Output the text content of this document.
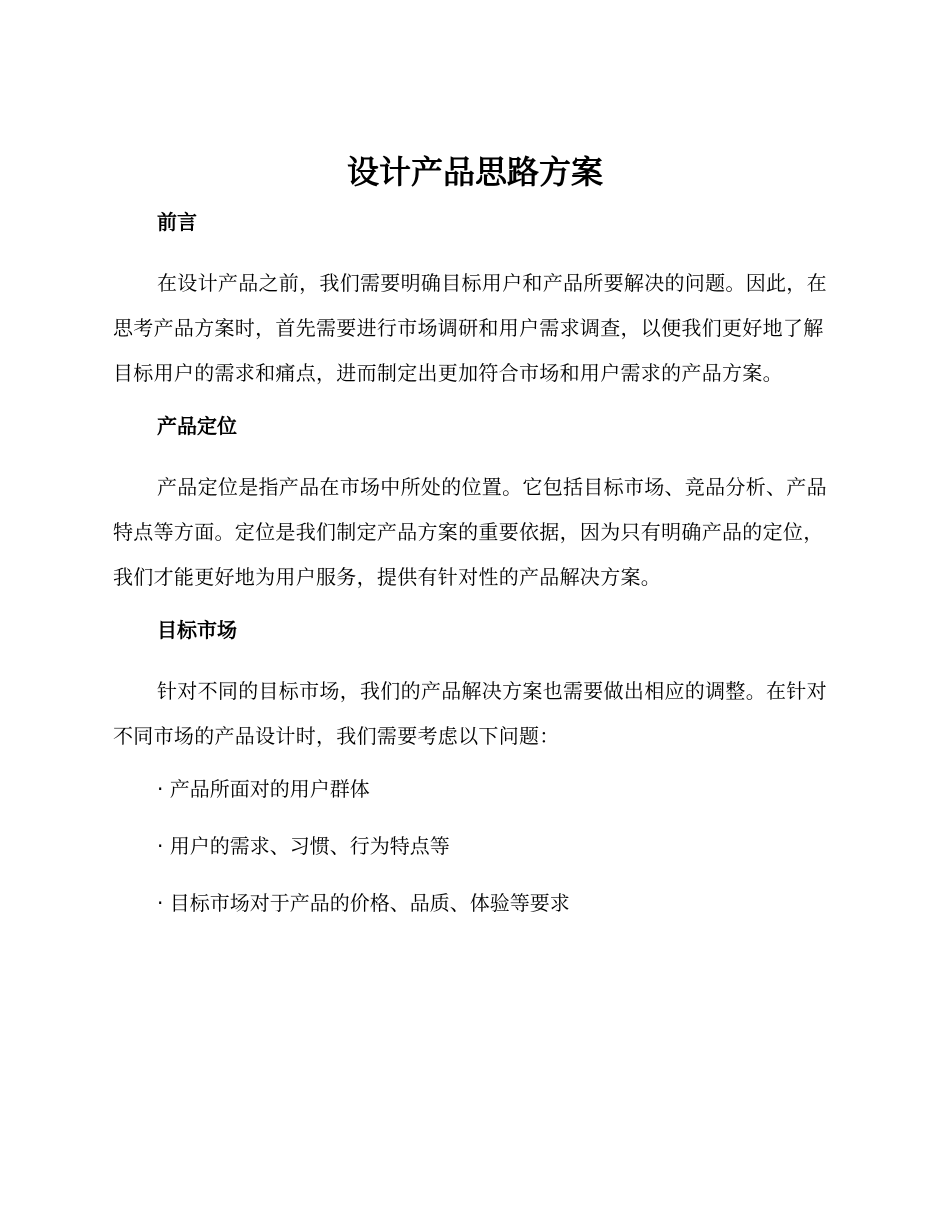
设计产品思路方案
前言

在设计产品之前，我们需要明确目标用户和产品所要解决的问题。因此，在思考产品方案时，首先需要进行市场调研和用户需求调查，以便我们更好地了解目标用户的需求和痛点，进而制定出更加符合市场和用户需求的产品方案。

产品定位

产品定位是指产品在市场中所处的位置。它包括目标市场、竞品分析、产品特点等方面。定位是我们制定产品方案的重要依据，因为只有明确产品的定位，我们才能更好地为用户服务，提供有针对性的产品解决方案。

目标市场

针对不同的目标市场，我们的产品解决方案也需要做出相应的调整。在针对不同市场的产品设计时，我们需要考虑以下问题：

· 产品所面对的用户群体

· 用户的需求、习惯、行为特点等

· 目标市场对于产品的价格、品质、体验等要求
